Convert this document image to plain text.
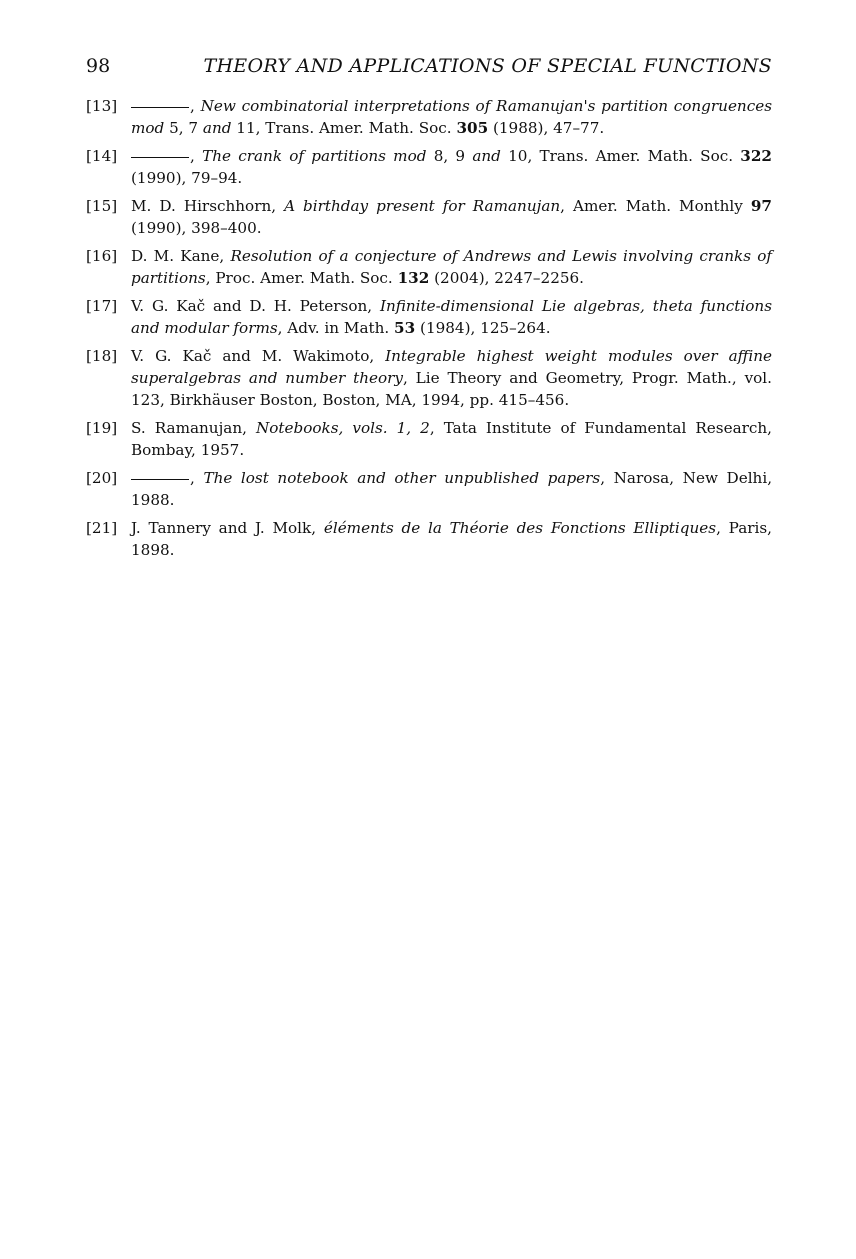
98	THEORY AND APPLICATIONS OF SPECIAL FUNCTIONS
[13]	, New combinatorial interpretations of Ramanujan's partition congruences mod 5, 7 and 11, Trans. Amer. Math. Soc. 305 (1988), 47–77.
[14]	, The crank of partitions mod 8, 9 and 10, Trans. Amer. Math. Soc. 322 (1990), 79–94.
[15] M. D. Hirschhorn, A birthday present for Ramanujan, Amer. Math. Monthly 97 (1990), 398–400.
[16] D. M. Kane, Resolution of a conjecture of Andrews and Lewis involving cranks of partitions, Proc. Amer. Math. Soc. 132 (2004), 2247–2256.
[17] V. G. Kač and D. H. Peterson, Infinite-dimensional Lie algebras, theta functions and modular forms, Adv. in Math. 53 (1984), 125–264.
[18] V. G. Kač and M. Wakimoto, Integrable highest weight modules over affine superalgebras and number theory, Lie Theory and Geometry, Progr. Math., vol. 123, Birkhäuser Boston, Boston, MA, 1994, pp. 415–456.
[19] S. Ramanujan, Notebooks, vols. 1, 2, Tata Institute of Fundamental Research, Bombay, 1957.
[20]	, The lost notebook and other unpublished papers, Narosa, New Delhi, 1988.
[21] J. Tannery and J. Molk, éléments de la Théorie des Fonctions Elliptiques, Paris, 1898.
